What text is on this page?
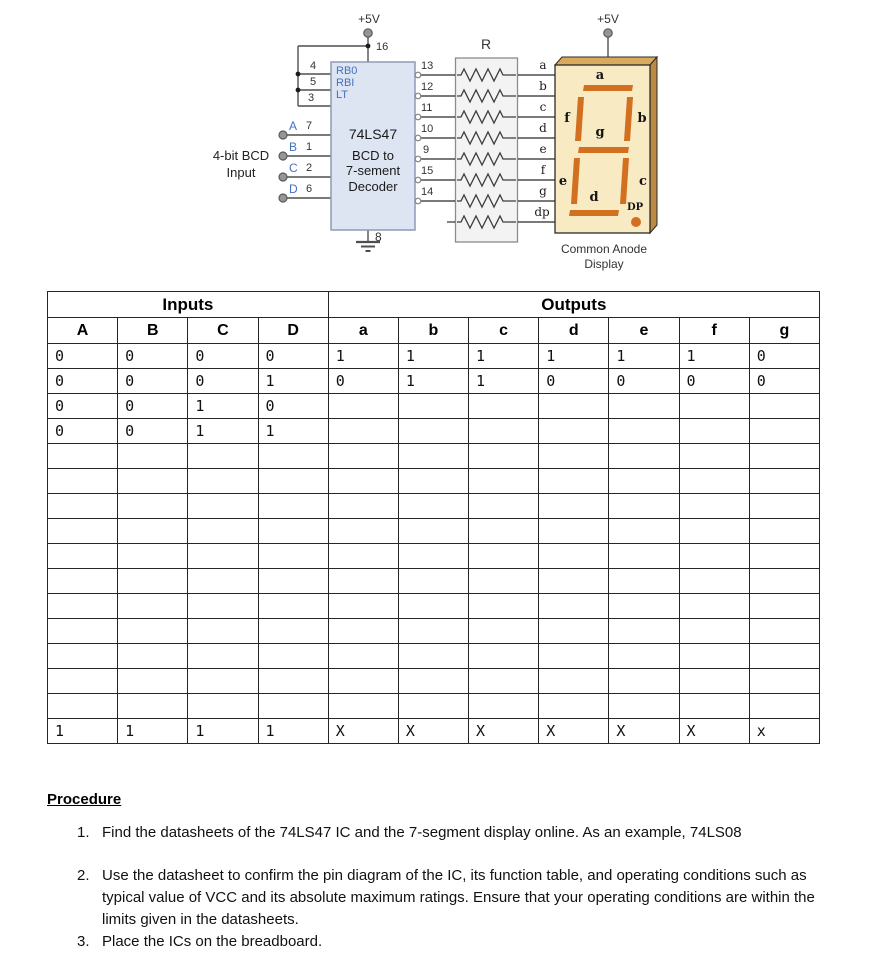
+5V
16
4
5
3
A 7
B 1
C 2
D 6
4-bit BCD
Input
RB0
RBI
LT
74LS47
BCD to
7-sement
Decoder
13
12
11
10
9
15
14
8
R
a
b
c
d
e
f
g
dp
+5V
a
f	b
g
e	c
d
DP
Common Anode
Display
Inputs				Outputs						
A	B	C	D	a	b	c	d	e	f	g
0	0	0	0	1	1	1	1	1	1	0
0	0	0	1	0	1	1	0	0	0	0
0	0	1	0							
0	0	1	1							

1	1	1	1	X	X	X	X	X	X	x
Procedure
1. Find the datasheets of the 74LS47 IC and the 7-segment display online. As an example, 74LS08
2. Use the datasheet to confirm the pin diagram of the IC, its function table, and operating conditions such as typical value of VCC and its absolute maximum ratings. Ensure that your operating conditions are within the limits given in the datasheets.
3. Place the ICs on the breadboard.
